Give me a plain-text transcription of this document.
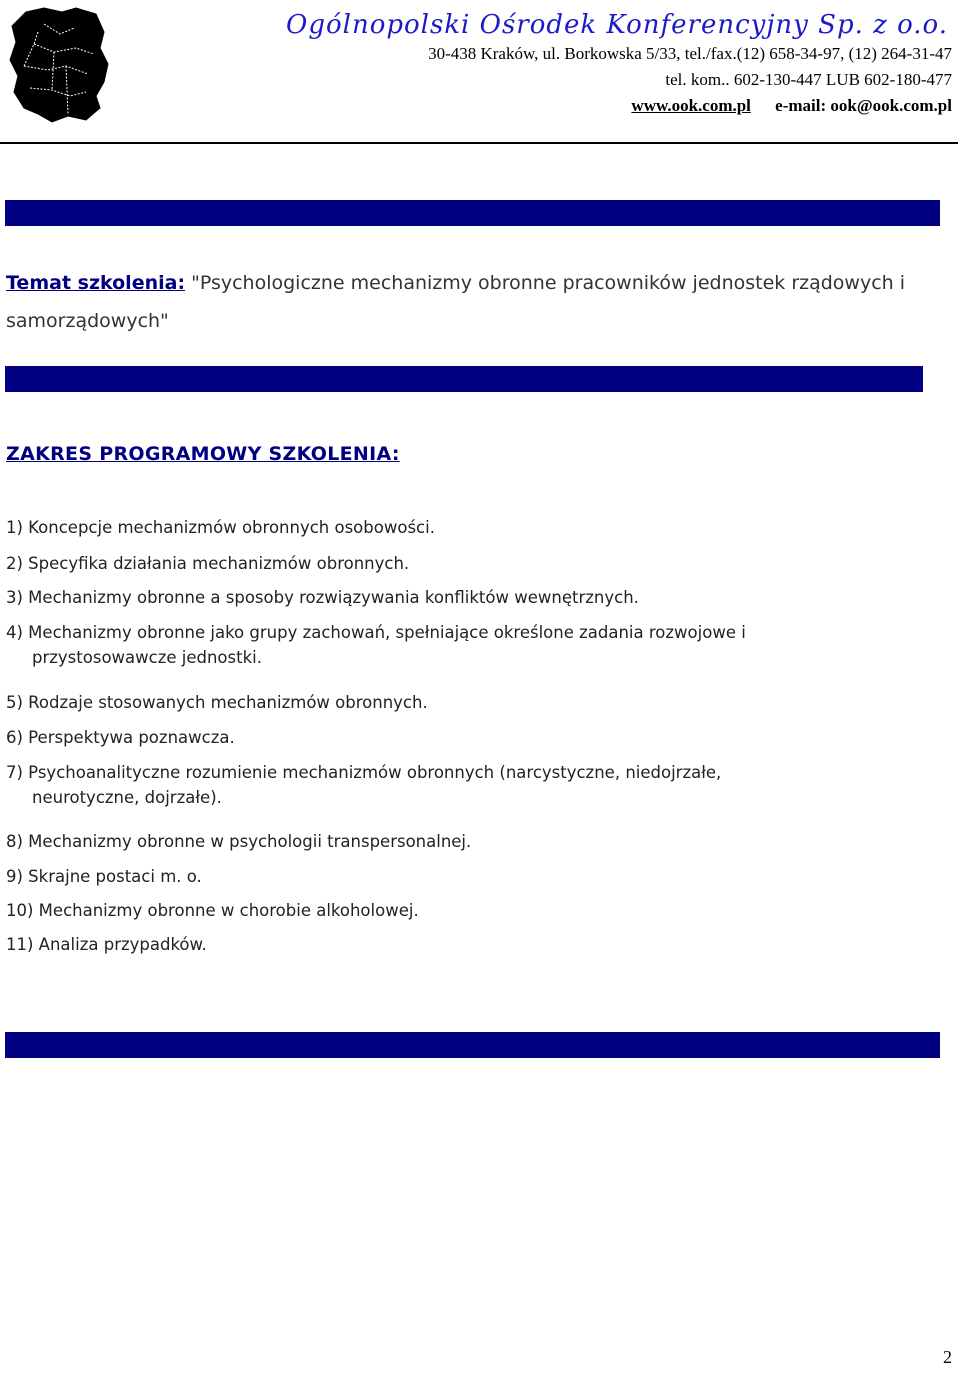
Ogólnopolski Ośrodek Konferencyjny Sp. z o.o.
30-438 Kraków, ul. Borkowska 5/33, tel./fax.(12) 658-34-97, (12) 264-31-47
tel. kom.. 602-130-447 LUB 602-180-477
www.ook.com.pl e-mail: ook@ook.com.pl
Temat szkolenia: "Psychologiczne mechanizmy obronne pracowników jednostek rządowych i samorządowych"
ZAKRES PROGRAMOWY SZKOLENIA:
1) Koncepcje mechanizmów obronnych osobowości.
2) Specyfika działania mechanizmów obronnych.
3) Mechanizmy obronne a sposoby rozwiązywania konfliktów wewnętrznych.
4) Mechanizmy obronne jako grupy zachowań, spełniające określone zadania rozwojowe i
przystosowawcze jednostki.
5) Rodzaje stosowanych mechanizmów obronnych.
6) Perspektywa poznawcza.
7) Psychoanalityczne rozumienie mechanizmów obronnych (narcystyczne, niedojrzałe,
neurotyczne, dojrzałe).
8) Mechanizmy obronne w psychologii transpersonalnej.
9) Skrajne postaci m. o.
10) Mechanizmy obronne w chorobie alkoholowej.
11) Analiza przypadków.
2
